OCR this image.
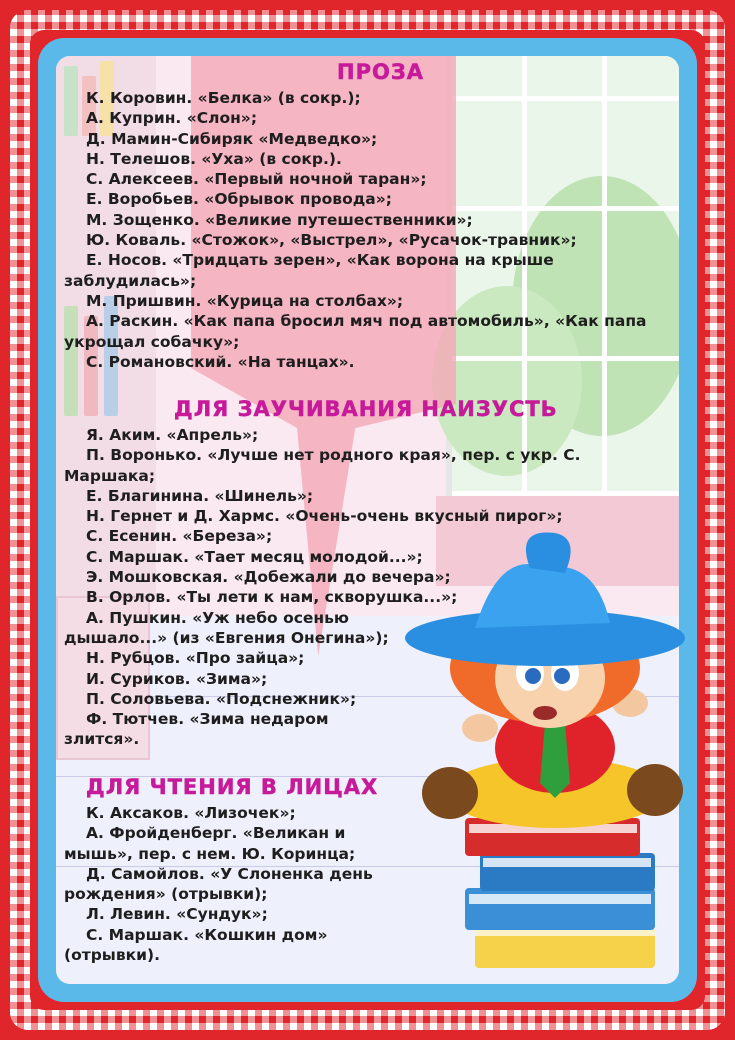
ПРОЗА
К. Коровин. «Белка» (в сокр.);
А. Куприн. «Слон»;
Д. Мамин-Сибиряк «Медведко»;
Н. Телешов. «Уха» (в сокр.).
С. Алексеев. «Первый ночной таран»;
Е. Воробьев. «Обрывок провода»;
М. Зощенко. «Великие путешественники»;
Ю. Коваль. «Стожок», «Выстрел», «Русачок-травник»;
Е. Носов. «Тридцать зерен», «Как ворона на крыше заблудилась»;
М. Пришвин. «Курица на столбах»;
А. Раскин. «Как папа бросил мяч под автомобиль», «Как папа укрощал собачку»;
С. Романовский. «На танцах».
ДЛЯ ЗАУЧИВАНИЯ НАИЗУСТЬ
Я. Аким. «Апрель»;
П. Воронько. «Лучше нет родного края», пер. с укр. С. Маршака;
Е. Благинина. «Шинель»;
Н. Гернет и Д. Хармс. «Очень-очень вкусный пирог»;
С. Есенин. «Береза»;
С. Маршак. «Тает месяц молодой...»;
Э. Мошковская. «Добежали до вечера»;
В. Орлов. «Ты лети к нам, скворушка...»;
А. Пушкин. «Уж небо осенью дышало...» (из «Евгения Онегина»);
Н. Рубцов. «Про зайца»;
И. Суриков. «Зима»;
П. Соловьева. «Подснежник»;
Ф. Тютчев. «Зима недаром злится».
ДЛЯ ЧТЕНИЯ В ЛИЦАХ
К. Аксаков. «Лизочек»;
А. Фройденберг. «Великан и мышь», пер. с нем. Ю. Коринца;
Д. Самойлов. «У Слоненка день рождения» (отрывки);
Л. Левин. «Сундук»;
С. Маршак. «Кошкин дом» (отрывки).
